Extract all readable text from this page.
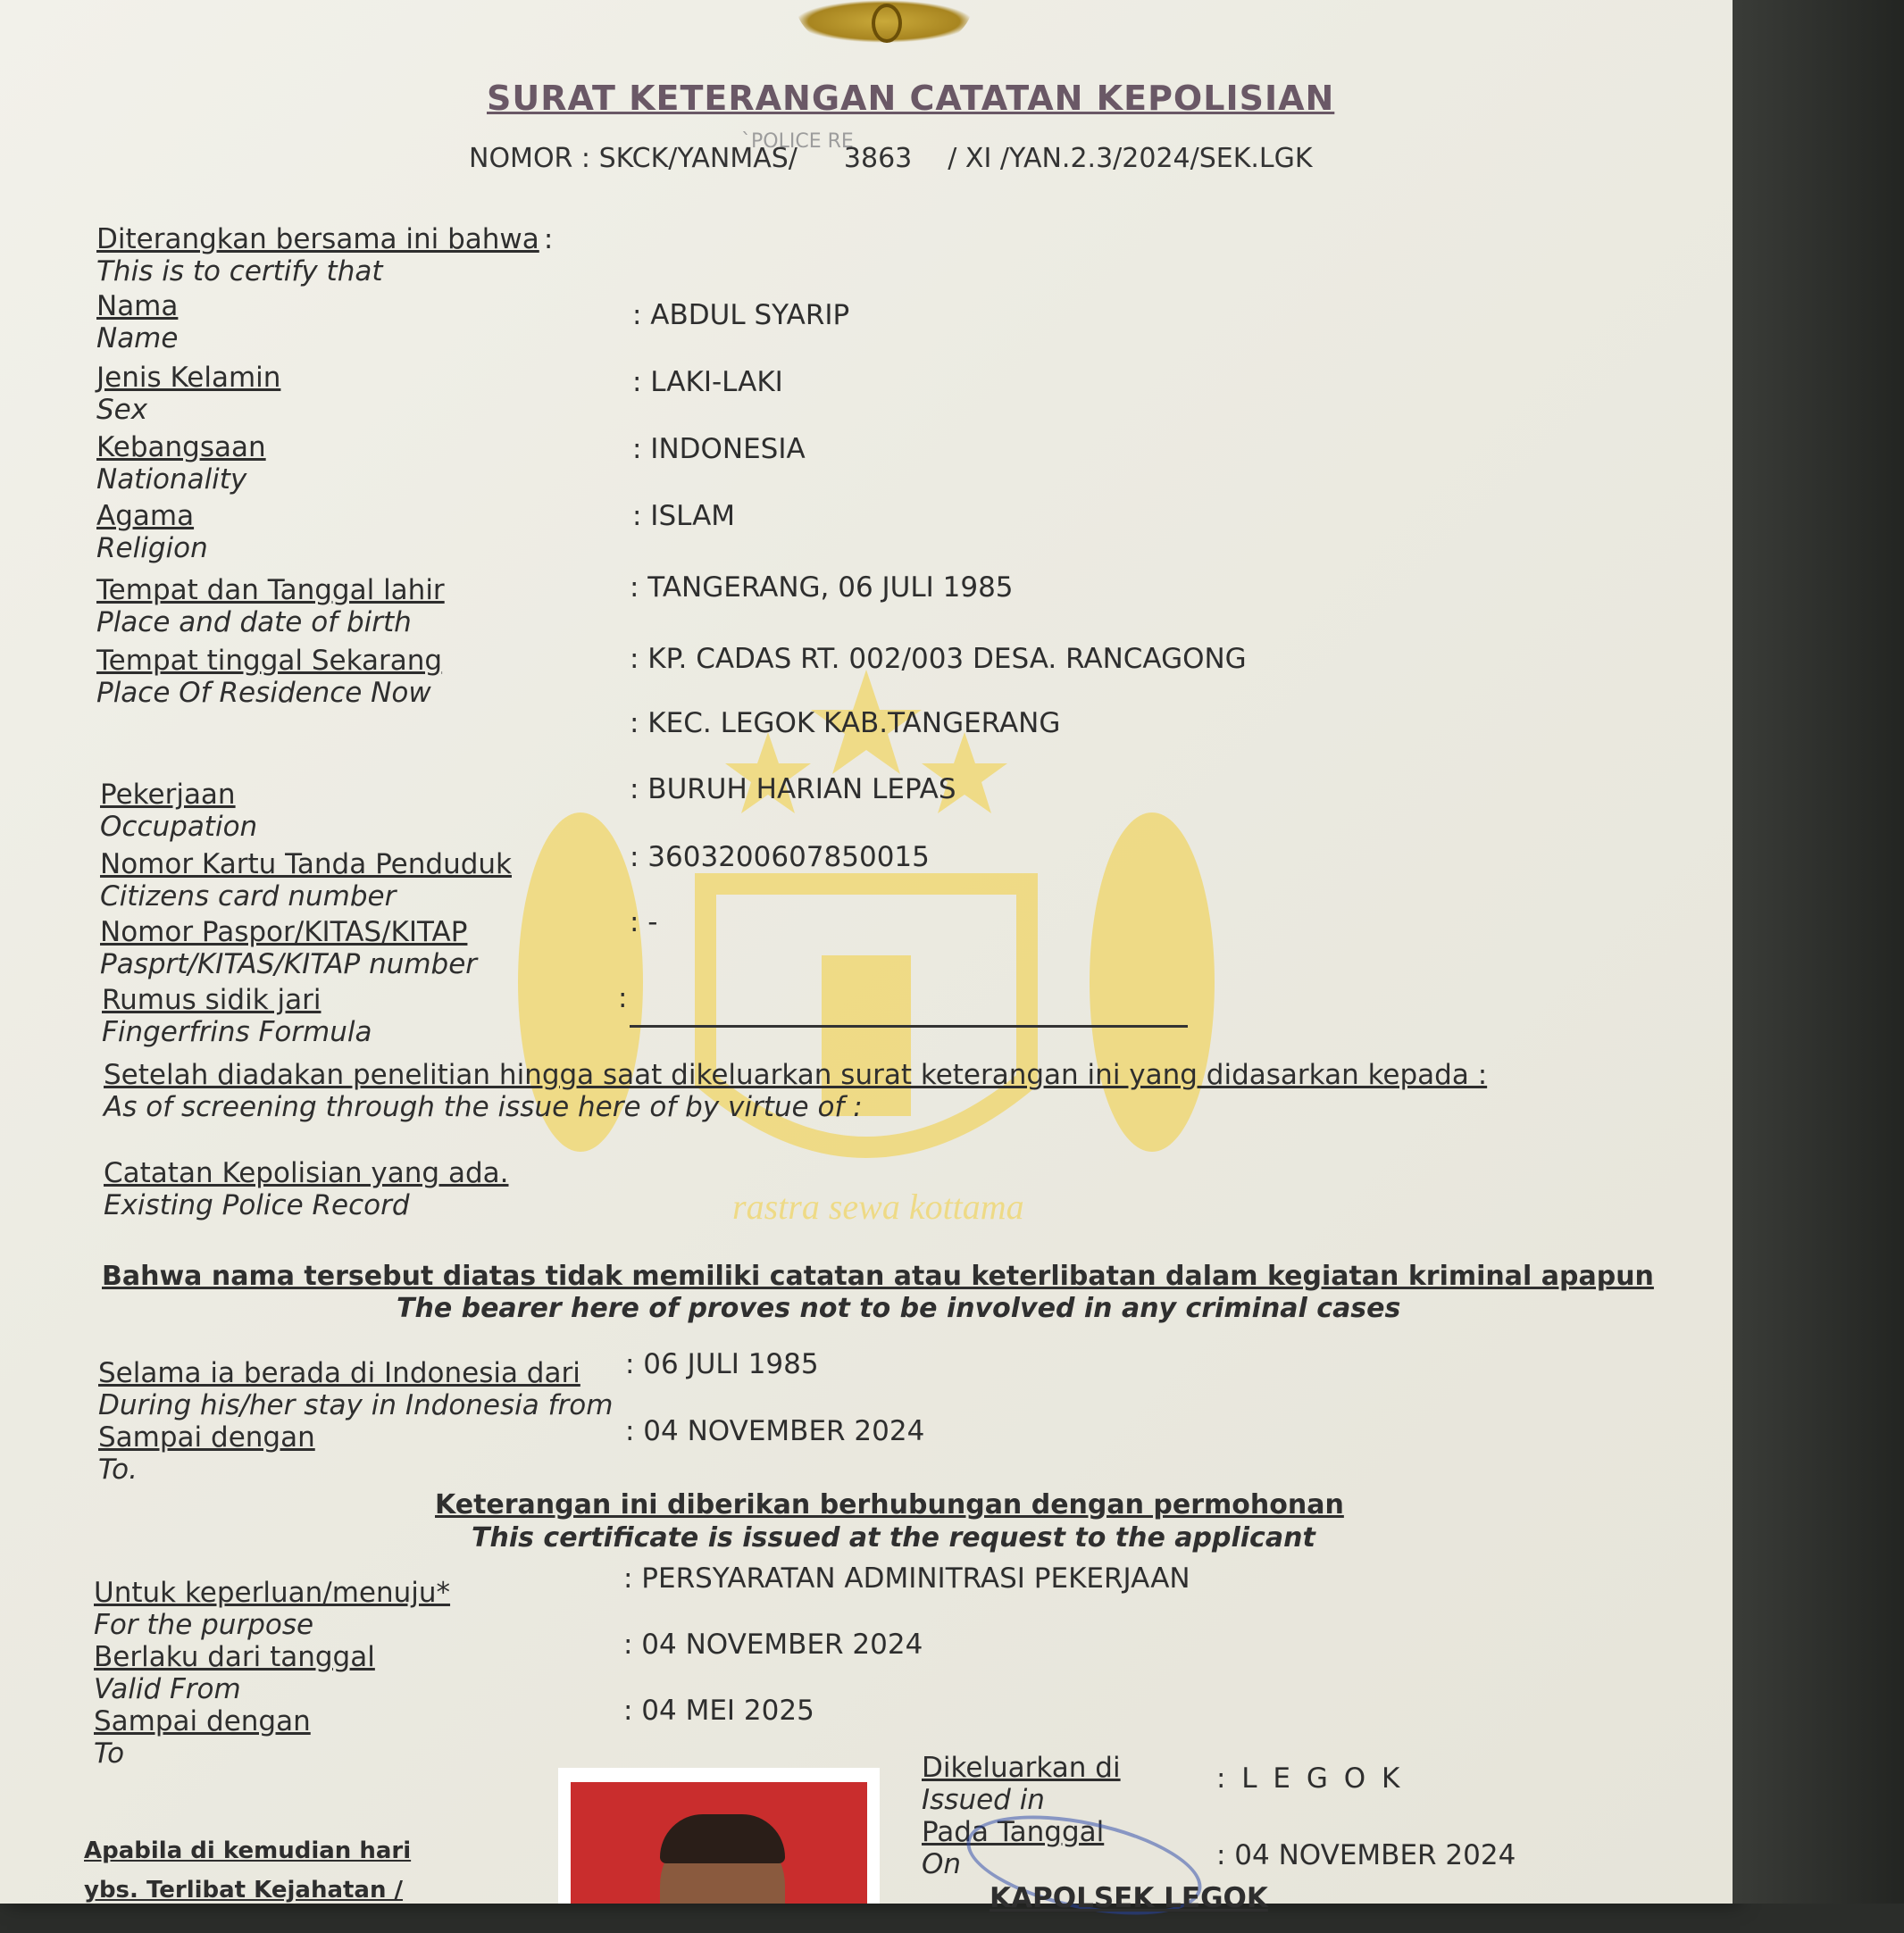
rastra sewa kottama
SURAT KETERANGAN CATATAN KEPOLISIAN
`POLICE RE
NOMOR : SKCK/YANMAS/ 3863 / XI /YAN.2.3/2024/SEK.LGK
Diterangkan bersama ini bahwa :
This is to certify that
Nama
Name
: ABDUL SYARIP
Jenis Kelamin
Sex
: LAKI-LAKI
Kebangsaan
Nationality
: INDONESIA
Agama
Religion
: ISLAM
Tempat dan Tanggal lahir
Place and date of birth
: TANGERANG, 06 JULI 1985
Tempat tinggal Sekarang
Place Of Residence Now
: KP. CADAS RT. 002/003 DESA. RANCAGONG
: KEC. LEGOK KAB.TANGERANG
Pekerjaan
Occupation
: BURUH HARIAN LEPAS
Nomor Kartu Tanda Penduduk
Citizens card number
: 3603200607850015
Nomor Paspor/KITAS/KITAP
Pasprt/KITAS/KITAP number
: -
Rumus sidik jari
Fingerfrins Formula
:
Setelah diadakan penelitian hingga saat dikeluarkan surat keterangan ini yang didasarkan kepada :
As of screening through the issue here of by virtue of :
Catatan Kepolisian yang ada.
Existing Police Record
Bahwa nama tersebut diatas tidak memiliki catatan atau keterlibatan dalam kegiatan kriminal apapun
The bearer here of proves not to be involved in any criminal cases
Selama ia berada di Indonesia dari
During his/her stay in Indonesia from
Sampai dengan
To.
: 06 JULI 1985
: 04 NOVEMBER 2024
Keterangan ini diberikan berhubungan dengan permohonan
This certificate is issued at the request to the applicant
Untuk keperluan/menuju*
For the purpose
Berlaku dari tanggal
Valid From
Sampai dengan
To
: PERSYARATAN ADMINITRASI PEKERJAAN
: 04 NOVEMBER 2024
: 04 MEI 2025
Dikeluarkan di
Issued in
Pada Tanggal
On
: L E G O K
: 04 NOVEMBER 2024
KAPOLSEK LEGOK
Apabila di kemudian hari
ybs. Terlibat Kejahatan /
